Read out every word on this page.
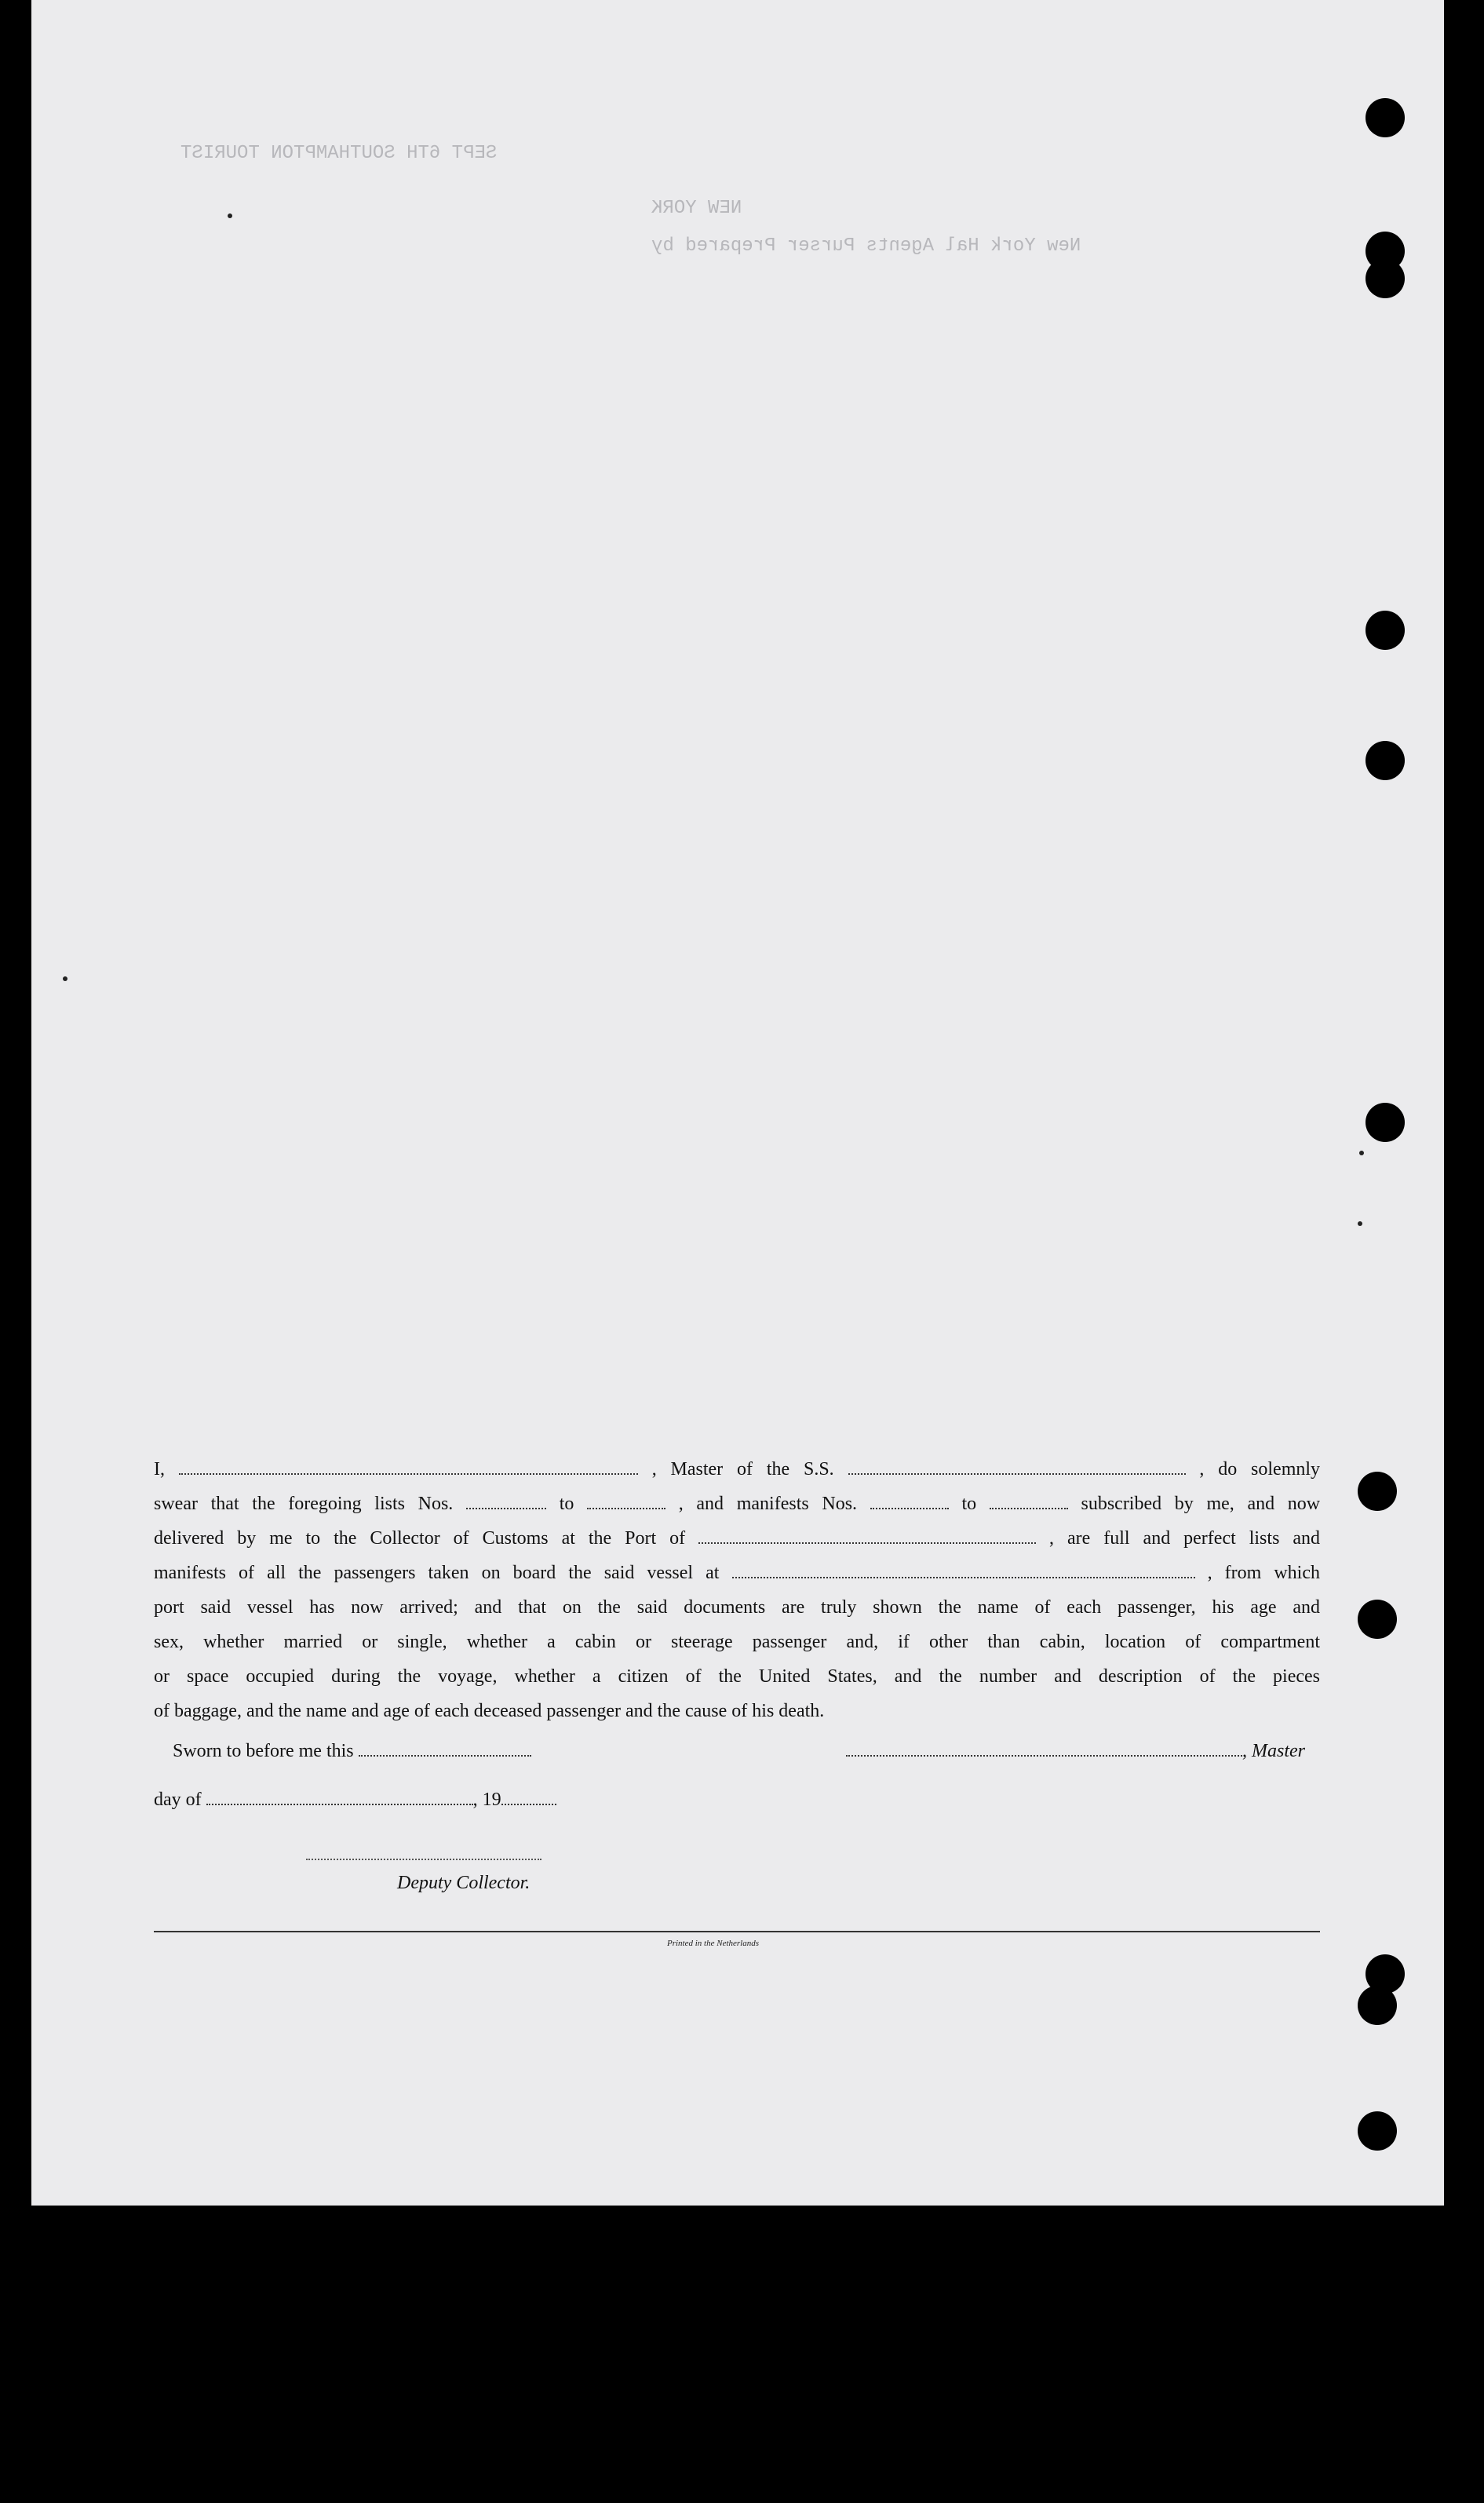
SEPT 6TH SOUTHAMPTON TOURIST
NEW YORK
New York Hal Agents Purser Prepared by

I,	, Master of the S.S.	, do solemnly

swear that the foregoing lists Nos.	to	, and manifests Nos.	to	subscribed by me, and now

delivered by me to the Collector of Customs at the Port of	, are full and perfect lists and

manifests of all the passengers taken on board the said vessel at	, from which

port said vessel has now arrived; and that on the said documents are truly shown the name of each passenger, his age and

sex, whether married or single, whether a cabin or steerage passenger and, if other than cabin, location of compartment

or space occupied during the voyage, whether a citizen of the United States, and the number and description of the pieces

of baggage, and the name and age of each deceased passenger and the cause of his death.

Sworn to before me this	, Master
day of	, 19
Deputy Collector.
Printed in the Netherlands
